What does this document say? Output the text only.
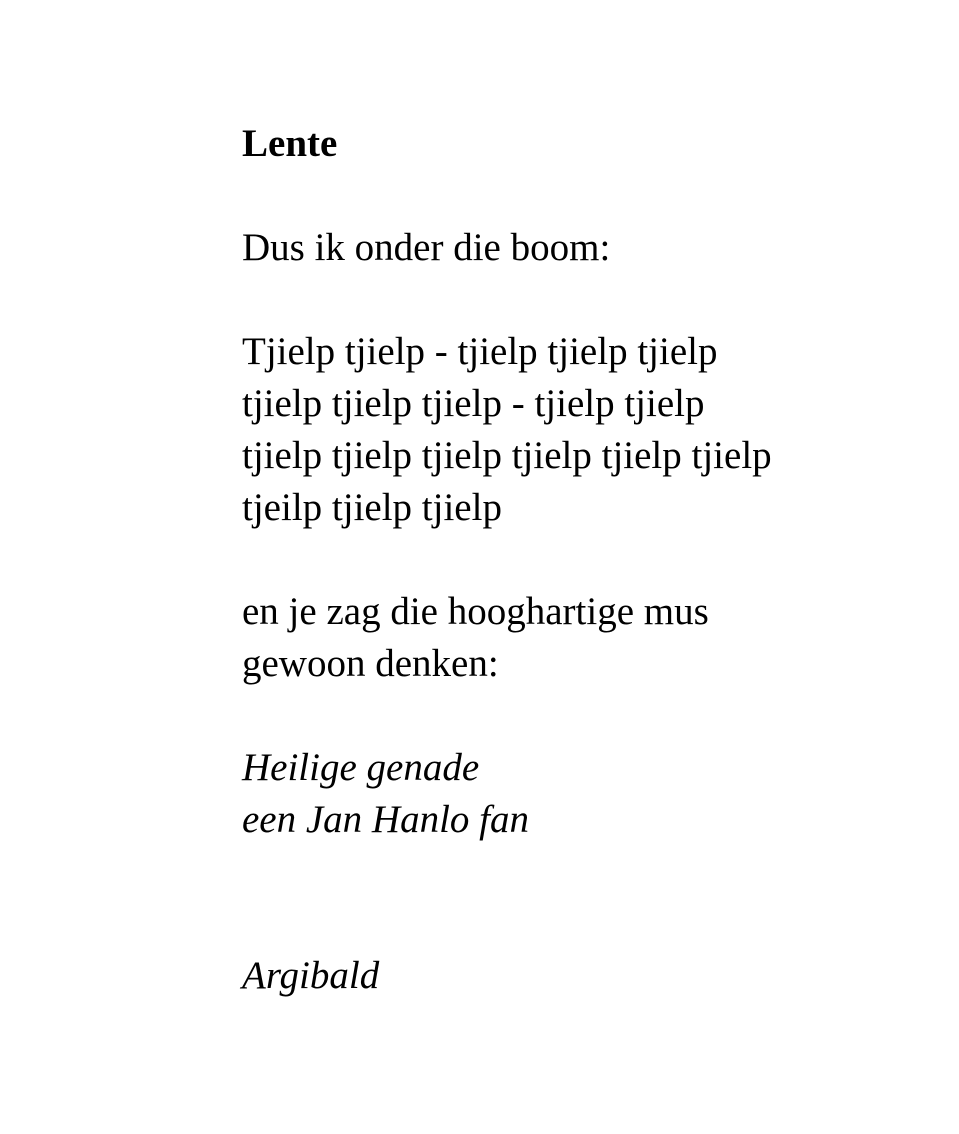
Lente

Dus ik onder die boom:

Tjielp tjielp - tjielp tjielp tjielp
tjielp tjielp tjielp - tjielp tjielp
tjielp tjielp tjielp tjielp tjielp tjielp
tjeilp tjielp tjielp

en je zag die hooghartige mus
gewoon denken:

Heilige genade
een Jan Hanlo fan

Argibald
